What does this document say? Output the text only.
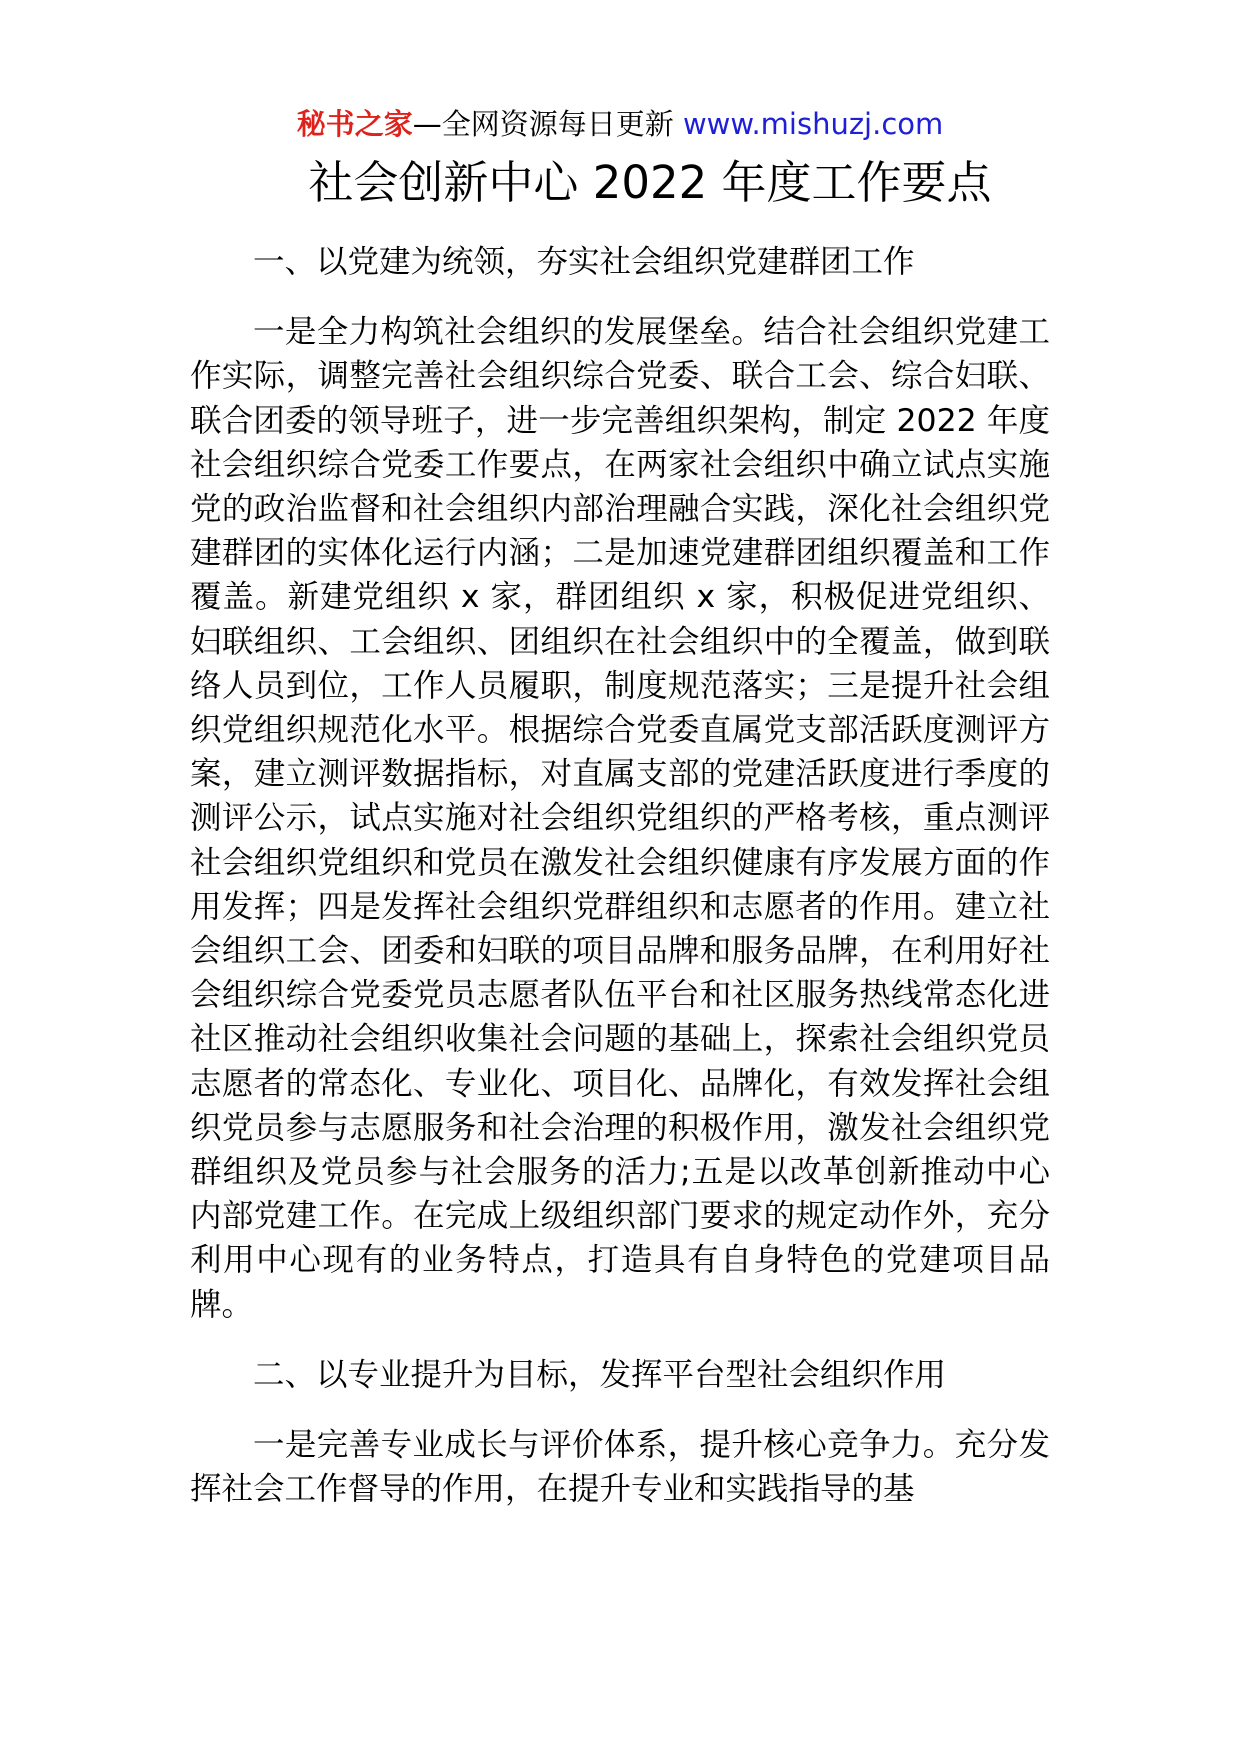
秘书之家—全网资源每日更新 www.mishuzj.com
社会创新中心 2022 年度工作要点

一、以党建为统领，夯实社会组织党建群团工作

一是全力构筑社会组织的发展堡垒。结合社会组织党建工作实际，调整完善社会组织综合党委、联合工会、综合妇联、联合团委的领导班子，进一步完善组织架构，制定 2022 年度社会组织综合党委工作要点，在两家社会组织中确立试点实施党的政治监督和社会组织内部治理融合实践，深化社会组织党建群团的实体化运行内涵；二是加速党建群团组织覆盖和工作覆盖。新建党组织 x 家，群团组织 x 家，积极促进党组织、妇联组织、工会组织、团组织在社会组织中的全覆盖，做到联络人员到位，工作人员履职，制度规范落实；三是提升社会组织党组织规范化水平。根据综合党委直属党支部活跃度测评方案，建立测评数据指标，对直属支部的党建活跃度进行季度的测评公示，试点实施对社会组织党组织的严格考核，重点测评社会组织党组织和党员在激发社会组织健康有序发展方面的作用发挥；四是发挥社会组织党群组织和志愿者的作用。建立社会组织工会、团委和妇联的项目品牌和服务品牌，在利用好社会组织综合党委党员志愿者队伍平台和社区服务热线常态化进社区推动社会组织收集社会问题的基础上，探索社会组织党员志愿者的常态化、专业化、项目化、品牌化，有效发挥社会组织党员参与志愿服务和社会治理的积极作用，激发社会组织党群组织及党员参与社会服务的活力;五是以改革创新推动中心内部党建工作。在完成上级组织部门要求的规定动作外，充分利用中心现有的业务特点，打造具有自身特色的党建项目品牌。

二、以专业提升为目标，发挥平台型社会组织作用

一是完善专业成长与评价体系，提升核心竞争力。充分发挥社会工作督导的作用，在提升专业和实践指导的基
